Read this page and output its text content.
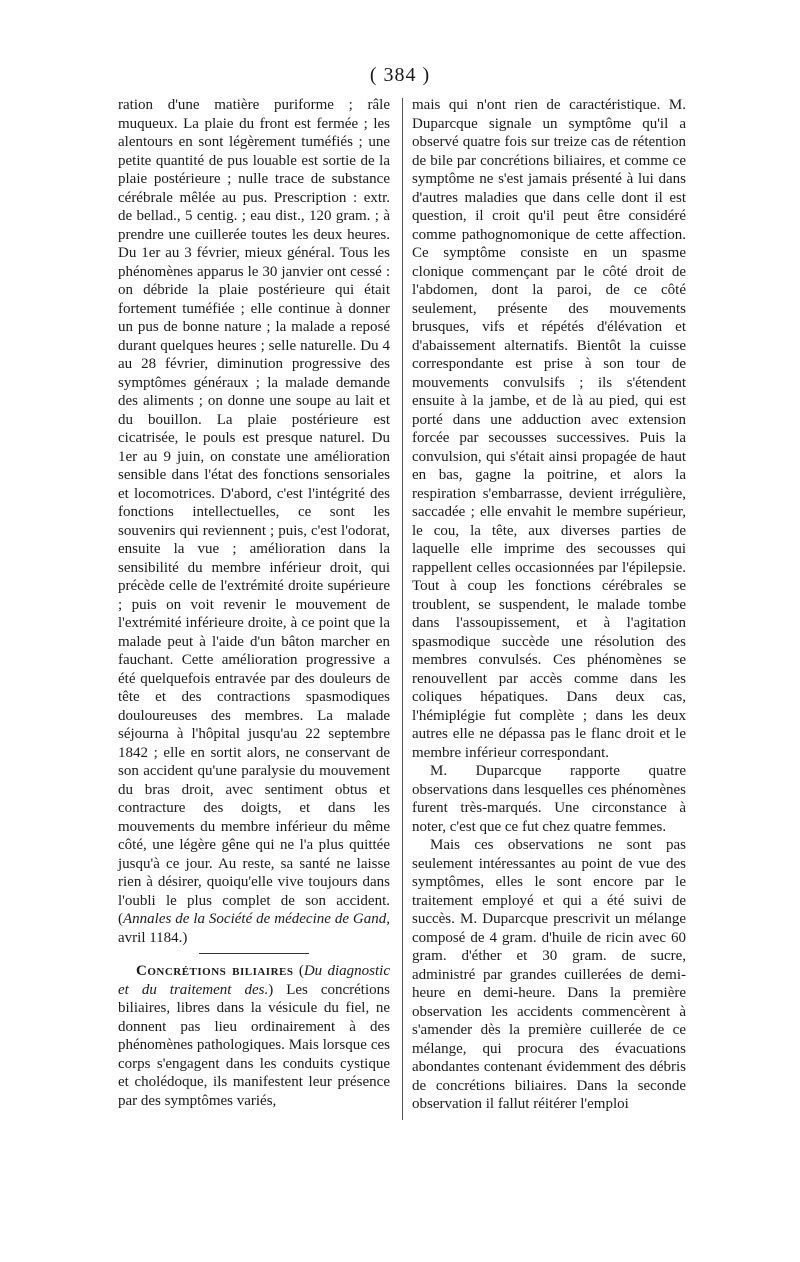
( 384 )

ration d'une matière puriforme ; râle muqueux. La plaie du front est fermée ; les alentours en sont légèrement tuméfiés ; une petite quantité de pus louable est sortie de la plaie postérieure ; nulle trace de substance cérébrale mêlée au pus. Prescription : extr. de bellad., 5 centig. ; eau dist., 120 gram. ; à prendre une cuillerée toutes les deux heures. Du 1er au 3 février, mieux général. Tous les phénomènes apparus le 30 janvier ont cessé : on débride la plaie postérieure qui était fortement tuméfiée ; elle continue à donner un pus de bonne nature ; la malade a reposé durant quelques heures ; selle naturelle. Du 4 au 28 février, diminution progressive des symptômes généraux ; la malade demande des aliments ; on donne une soupe au lait et du bouillon. La plaie postérieure est cicatrisée, le pouls est presque naturel. Du 1er au 9 juin, on constate une amélioration sensible dans l'état des fonctions sensoriales et locomotrices. D'abord, c'est l'intégrité des fonctions intellectuelles, ce sont les souvenirs qui reviennent ; puis, c'est l'odorat, ensuite la vue ; amélioration dans la sensibilité du membre inférieur droit, qui précède celle de l'extrémité droite supérieure ; puis on voit revenir le mouvement de l'extrémité inférieure droite, à ce point que la malade peut à l'aide d'un bâton marcher en fauchant. Cette amélioration progressive a été quelquefois entravée par des douleurs de tête et des contractions spasmodiques douloureuses des membres. La malade séjourna à l'hôpital jusqu'au 22 septembre 1842 ; elle en sortit alors, ne conservant de son accident qu'une paralysie du mouvement du bras droit, avec sentiment obtus et contracture des doigts, et dans les mouvements du membre inférieur du même côté, une légère gêne qui ne l'a plus quittée jusqu'à ce jour. Au reste, sa santé ne laisse rien à désirer, quoiqu'elle vive toujours dans l'oubli le plus complet de son accident. (Annales de la Société de médecine de Gand, avril 1184.)

Concrétions biliaires (Du diagnostic et du traitement des.) Les concrétions biliaires, libres dans la vésicule du fiel, ne donnent pas lieu ordinairement à des phénomènes pathologiques. Mais lorsque ces corps s'engagent dans les conduits cystique et cholédoque, ils manifestent leur présence par des symptômes variés,

mais qui n'ont rien de caractéristique. M. Duparcque signale un symptôme qu'il a observé quatre fois sur treize cas de rétention de bile par concrétions biliaires, et comme ce symptôme ne s'est jamais présenté à lui dans d'autres maladies que dans celle dont il est question, il croit qu'il peut être considéré comme pathognomonique de cette affection. Ce symptôme consiste en un spasme clonique commençant par le côté droit de l'abdomen, dont la paroi, de ce côté seulement, présente des mouvements brusques, vifs et répétés d'élévation et d'abaissement alternatifs. Bientôt la cuisse correspondante est prise à son tour de mouvements convulsifs ; ils s'étendent ensuite à la jambe, et de là au pied, qui est porté dans une adduction avec extension forcée par secousses successives. Puis la convulsion, qui s'était ainsi propagée de haut en bas, gagne la poitrine, et alors la respiration s'embarrasse, devient irrégulière, saccadée ; elle envahit le membre supérieur, le cou, la tête, aux diverses parties de laquelle elle imprime des secousses qui rappellent celles occasionnées par l'épilepsie. Tout à coup les fonctions cérébrales se troublent, se suspendent, le malade tombe dans l'assoupissement, et à l'agitation spasmodique succède une résolution des membres convulsés. Ces phénomènes se renouvellent par accès comme dans les coliques hépatiques. Dans deux cas, l'hémiplégie fut complète ; dans les deux autres elle ne dépassa pas le flanc droit et le membre inférieur correspondant.

M. Duparcque rapporte quatre observations dans lesquelles ces phénomènes furent très-marqués. Une circonstance à noter, c'est que ce fut chez quatre femmes.

Mais ces observations ne sont pas seulement intéressantes au point de vue des symptômes, elles le sont encore par le traitement employé et qui a été suivi de succès. M. Duparcque prescrivit un mélange composé de 4 gram. d'huile de ricin avec 60 gram. d'éther et 30 gram. de sucre, administré par grandes cuillerées de demi-heure en demi-heure. Dans la première observation les accidents commencèrent à s'amender dès la première cuillerée de ce mélange, qui procura des évacuations abondantes contenant évidemment des débris de concrétions biliaires. Dans la seconde observation il fallut réitérer l'emploi
